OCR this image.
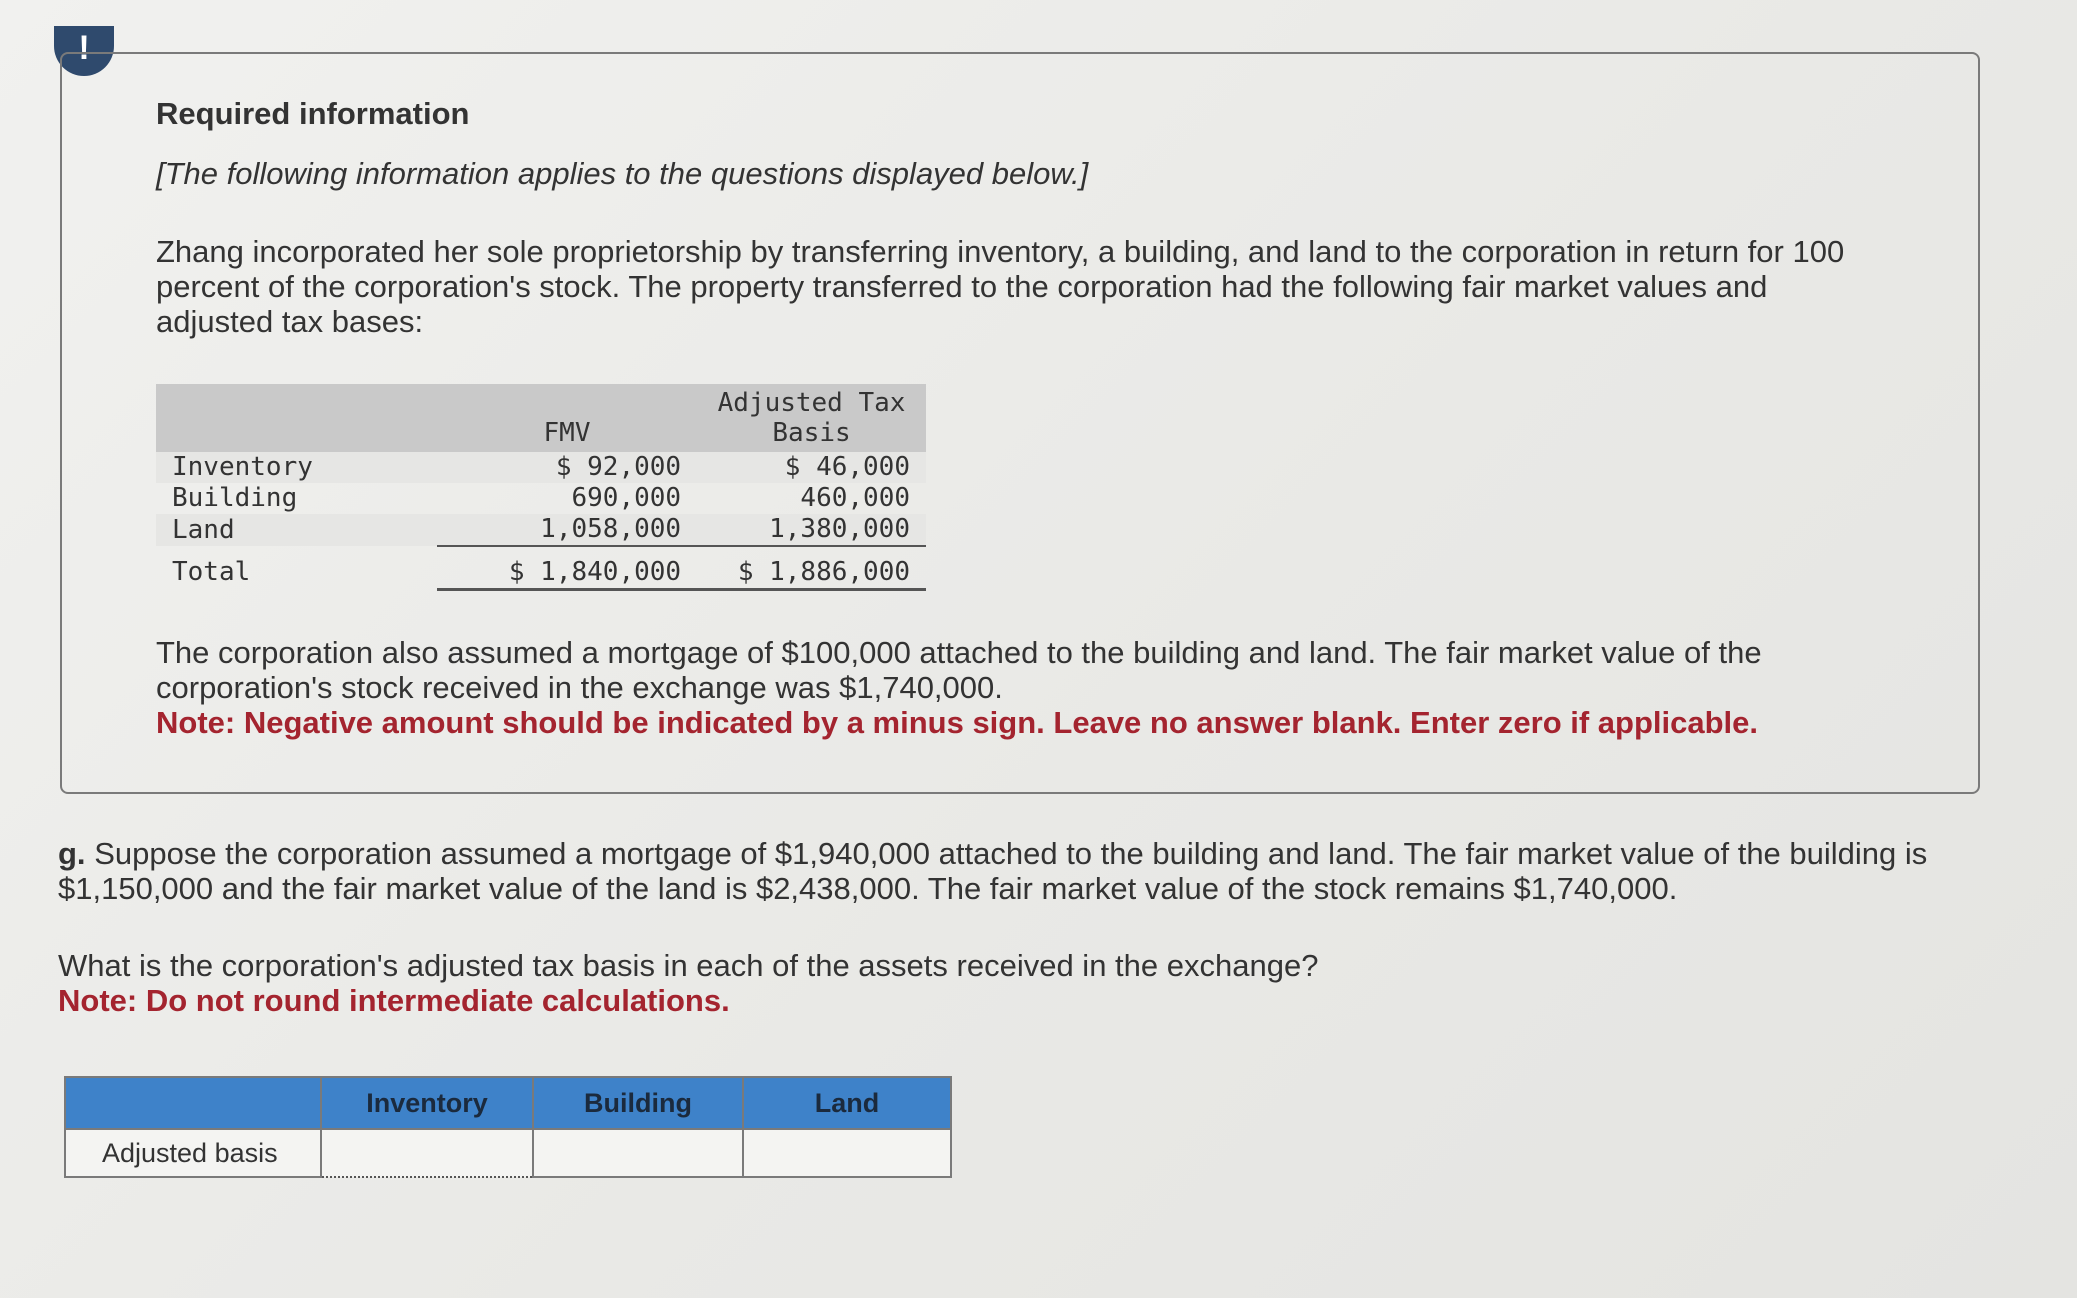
!
Required information
[The following information applies to the questions displayed below.]
Zhang incorporated her sole proprietorship by transferring inventory, a building, and land to the corporation in return for 100 percent of the corporation's stock. The property transferred to the corporation had the following fair market values and adjusted tax bases:
	FMV	Adjusted Tax Basis
Inventory	$ 92,000	$ 46,000
Building	690,000	460,000
Land	1,058,000	1,380,000
Total	$ 1,840,000	$ 1,886,000
The corporation also assumed a mortgage of $100,000 attached to the building and land. The fair market value of the corporation's stock received in the exchange was $1,740,000.
Note: Negative amount should be indicated by a minus sign. Leave no answer blank. Enter zero if applicable.
g. Suppose the corporation assumed a mortgage of $1,940,000 attached to the building and land. The fair market value of the building is $1,150,000 and the fair market value of the land is $2,438,000. The fair market value of the stock remains $1,740,000.
What is the corporation's adjusted tax basis in each of the assets received in the exchange?
Note: Do not round intermediate calculations.
	Inventory	Building	Land
Adjusted basis			
